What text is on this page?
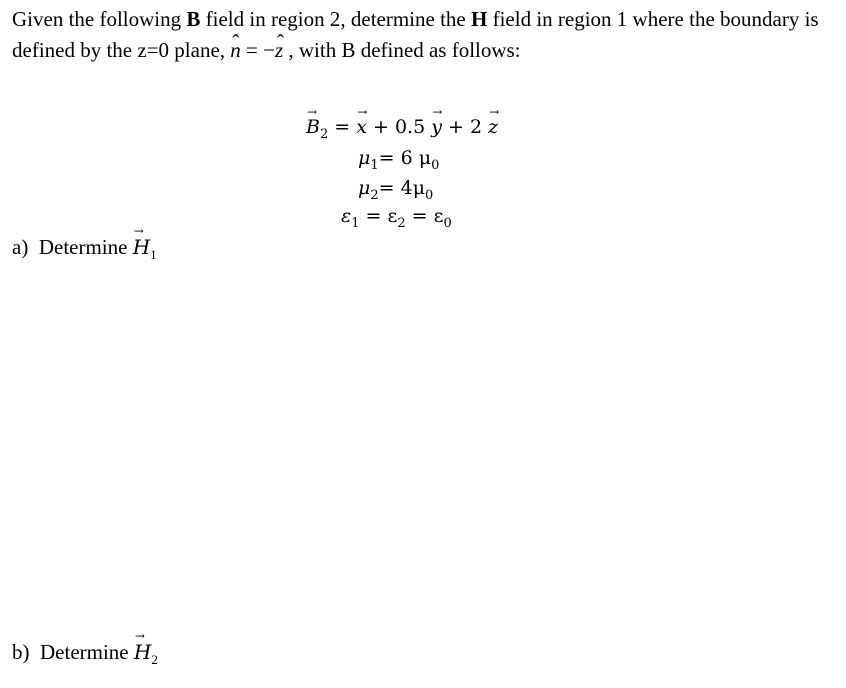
Given the following B field in region 2, determine the H field in region 1 where the boundary is defined by the z=0 plane, ˆ n = −ˆ z , with B defined as follows:
→ $B_2$ = → x + 0.5 → y + 2 → z
$\mu_1= 6$ $\mu_0$
$\mu_2= 4\mu_0$
$\varepsilon_1 = \varepsilon_2 = \varepsilon_0$
a) Determine → $H_1$
b) Determine → $H_2$
